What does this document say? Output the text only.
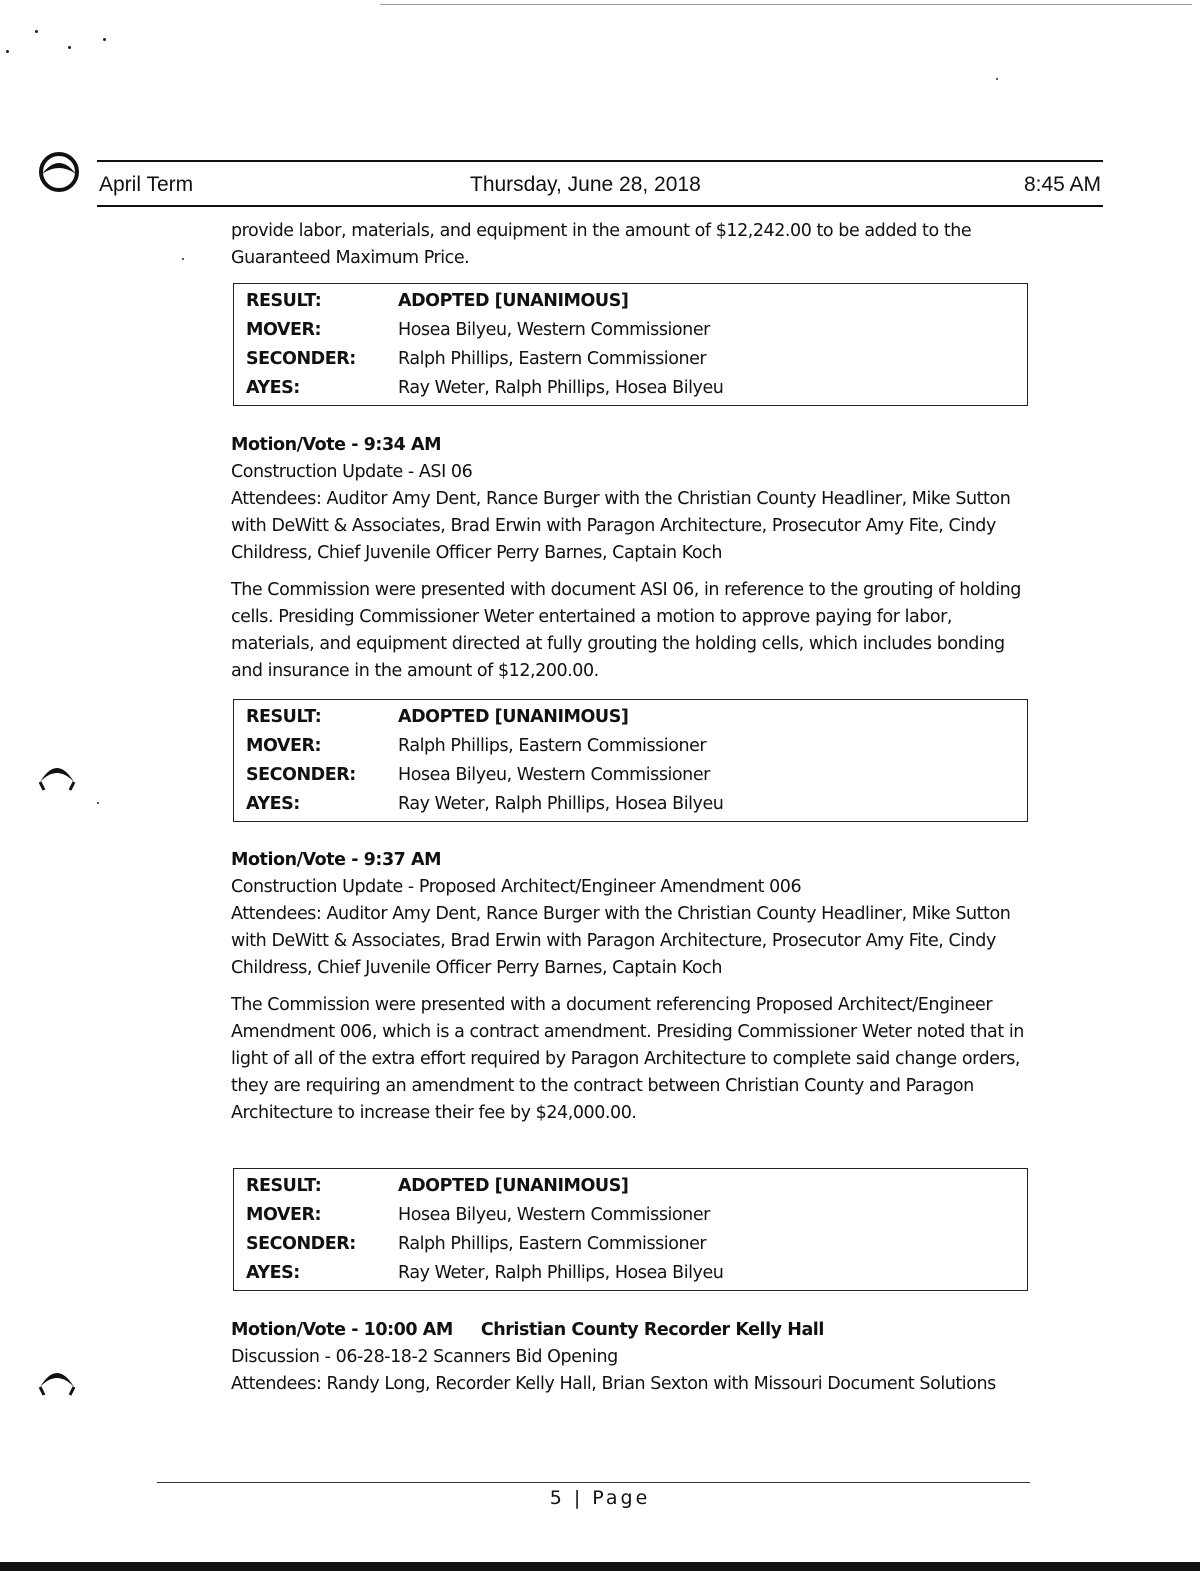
April Term	Thursday, June 28, 2018	8:45 AM

provide labor, materials, and equipment in the amount of $12,242.00 to be added to the Guaranteed Maximum Price.

RESULT:	ADOPTED [UNANIMOUS]
MOVER:	Hosea Bilyeu, Western Commissioner
SECONDER:	Ralph Phillips, Eastern Commissioner
AYES:	Ray Weter, Ralph Phillips, Hosea Bilyeu

Motion/Vote - 9:34 AM

Construction Update - ASI 06

Attendees: Auditor Amy Dent, Rance Burger with the Christian County Headliner, Mike Sutton with DeWitt & Associates, Brad Erwin with Paragon Architecture, Prosecutor Amy Fite, Cindy Childress, Chief Juvenile Officer Perry Barnes, Captain Koch

The Commission were presented with document ASI 06, in reference to the grouting of holding cells. Presiding Commissioner Weter entertained a motion to approve paying for labor, materials, and equipment directed at fully grouting the holding cells, which includes bonding and insurance in the amount of $12,200.00.

RESULT:	ADOPTED [UNANIMOUS]
MOVER:	Ralph Phillips, Eastern Commissioner
SECONDER:	Hosea Bilyeu, Western Commissioner
AYES:	Ray Weter, Ralph Phillips, Hosea Bilyeu

Motion/Vote - 9:37 AM

Construction Update - Proposed Architect/Engineer Amendment 006

Attendees: Auditor Amy Dent, Rance Burger with the Christian County Headliner, Mike Sutton with DeWitt & Associates, Brad Erwin with Paragon Architecture, Prosecutor Amy Fite, Cindy Childress, Chief Juvenile Officer Perry Barnes, Captain Koch

The Commission were presented with a document referencing Proposed Architect/Engineer Amendment 006, which is a contract amendment. Presiding Commissioner Weter noted that in light of all of the extra effort required by Paragon Architecture to complete said change orders, they are requiring an amendment to the contract between Christian County and Paragon Architecture to increase their fee by $24,000.00.

RESULT:	ADOPTED [UNANIMOUS]
MOVER:	Hosea Bilyeu, Western Commissioner
SECONDER:	Ralph Phillips, Eastern Commissioner
AYES:	Ray Weter, Ralph Phillips, Hosea Bilyeu

Motion/Vote - 10:00 AM Christian County Recorder Kelly Hall

Discussion - 06-28-18-2 Scanners Bid Opening

Attendees: Randy Long, Recorder Kelly Hall, Brian Sexton with Missouri Document Solutions

5 | Page
